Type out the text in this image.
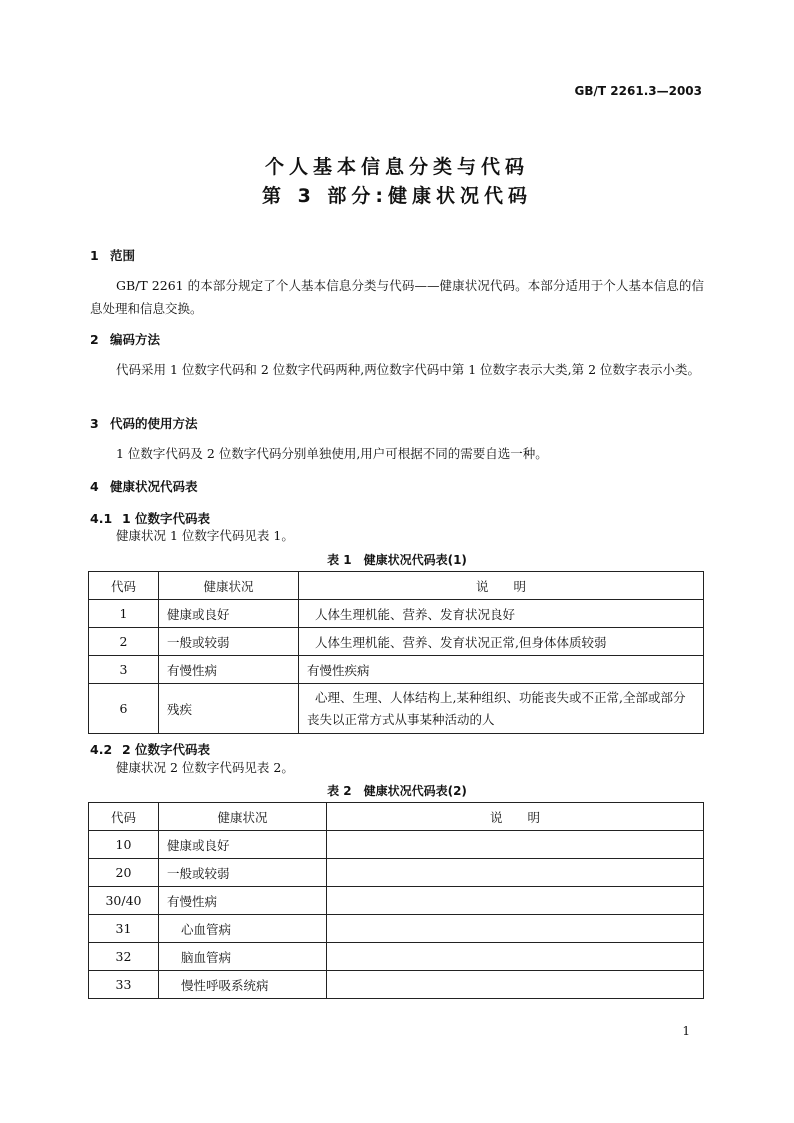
GB/T 2261.3—2003
个人基本信息分类与代码
第 3 部分:健康状况代码
1 范围
GB/T 2261 的本部分规定了个人基本信息分类与代码——健康状况代码。本部分适用于个人基本信息的信息处理和信息交换。
2 编码方法
代码采用 1 位数字代码和 2 位数字代码两种,两位数字代码中第 1 位数字表示大类,第 2 位数字表示小类。
3 代码的使用方法
1 位数字代码及 2 位数字代码分别单独使用,用户可根据不同的需要自选一种。
4 健康状况代码表
4.1 1 位数字代码表
健康状况 1 位数字代码见表 1。
表 1　健康状况代码表(1)
代码	健康状况	说　　明
1	健康或良好	人体生理机能、营养、发育状况良好
2	一般或较弱	人体生理机能、营养、发育状况正常,但身体体质较弱
3	有慢性病	有慢性疾病
6	残疾	心理、生理、人体结构上,某种组织、功能丧失或不正常,全部或部分丧失以正常方式从事某种活动的人
4.2 2 位数字代码表
健康状况 2 位数字代码见表 2。
表 2　健康状况代码表(2)
代码	健康状况	说　　明
10	健康或良好	
20	一般或较弱	
30/40	有慢性病	
31	心血管病	
32	脑血管病	
33	慢性呼吸系统病	
1
